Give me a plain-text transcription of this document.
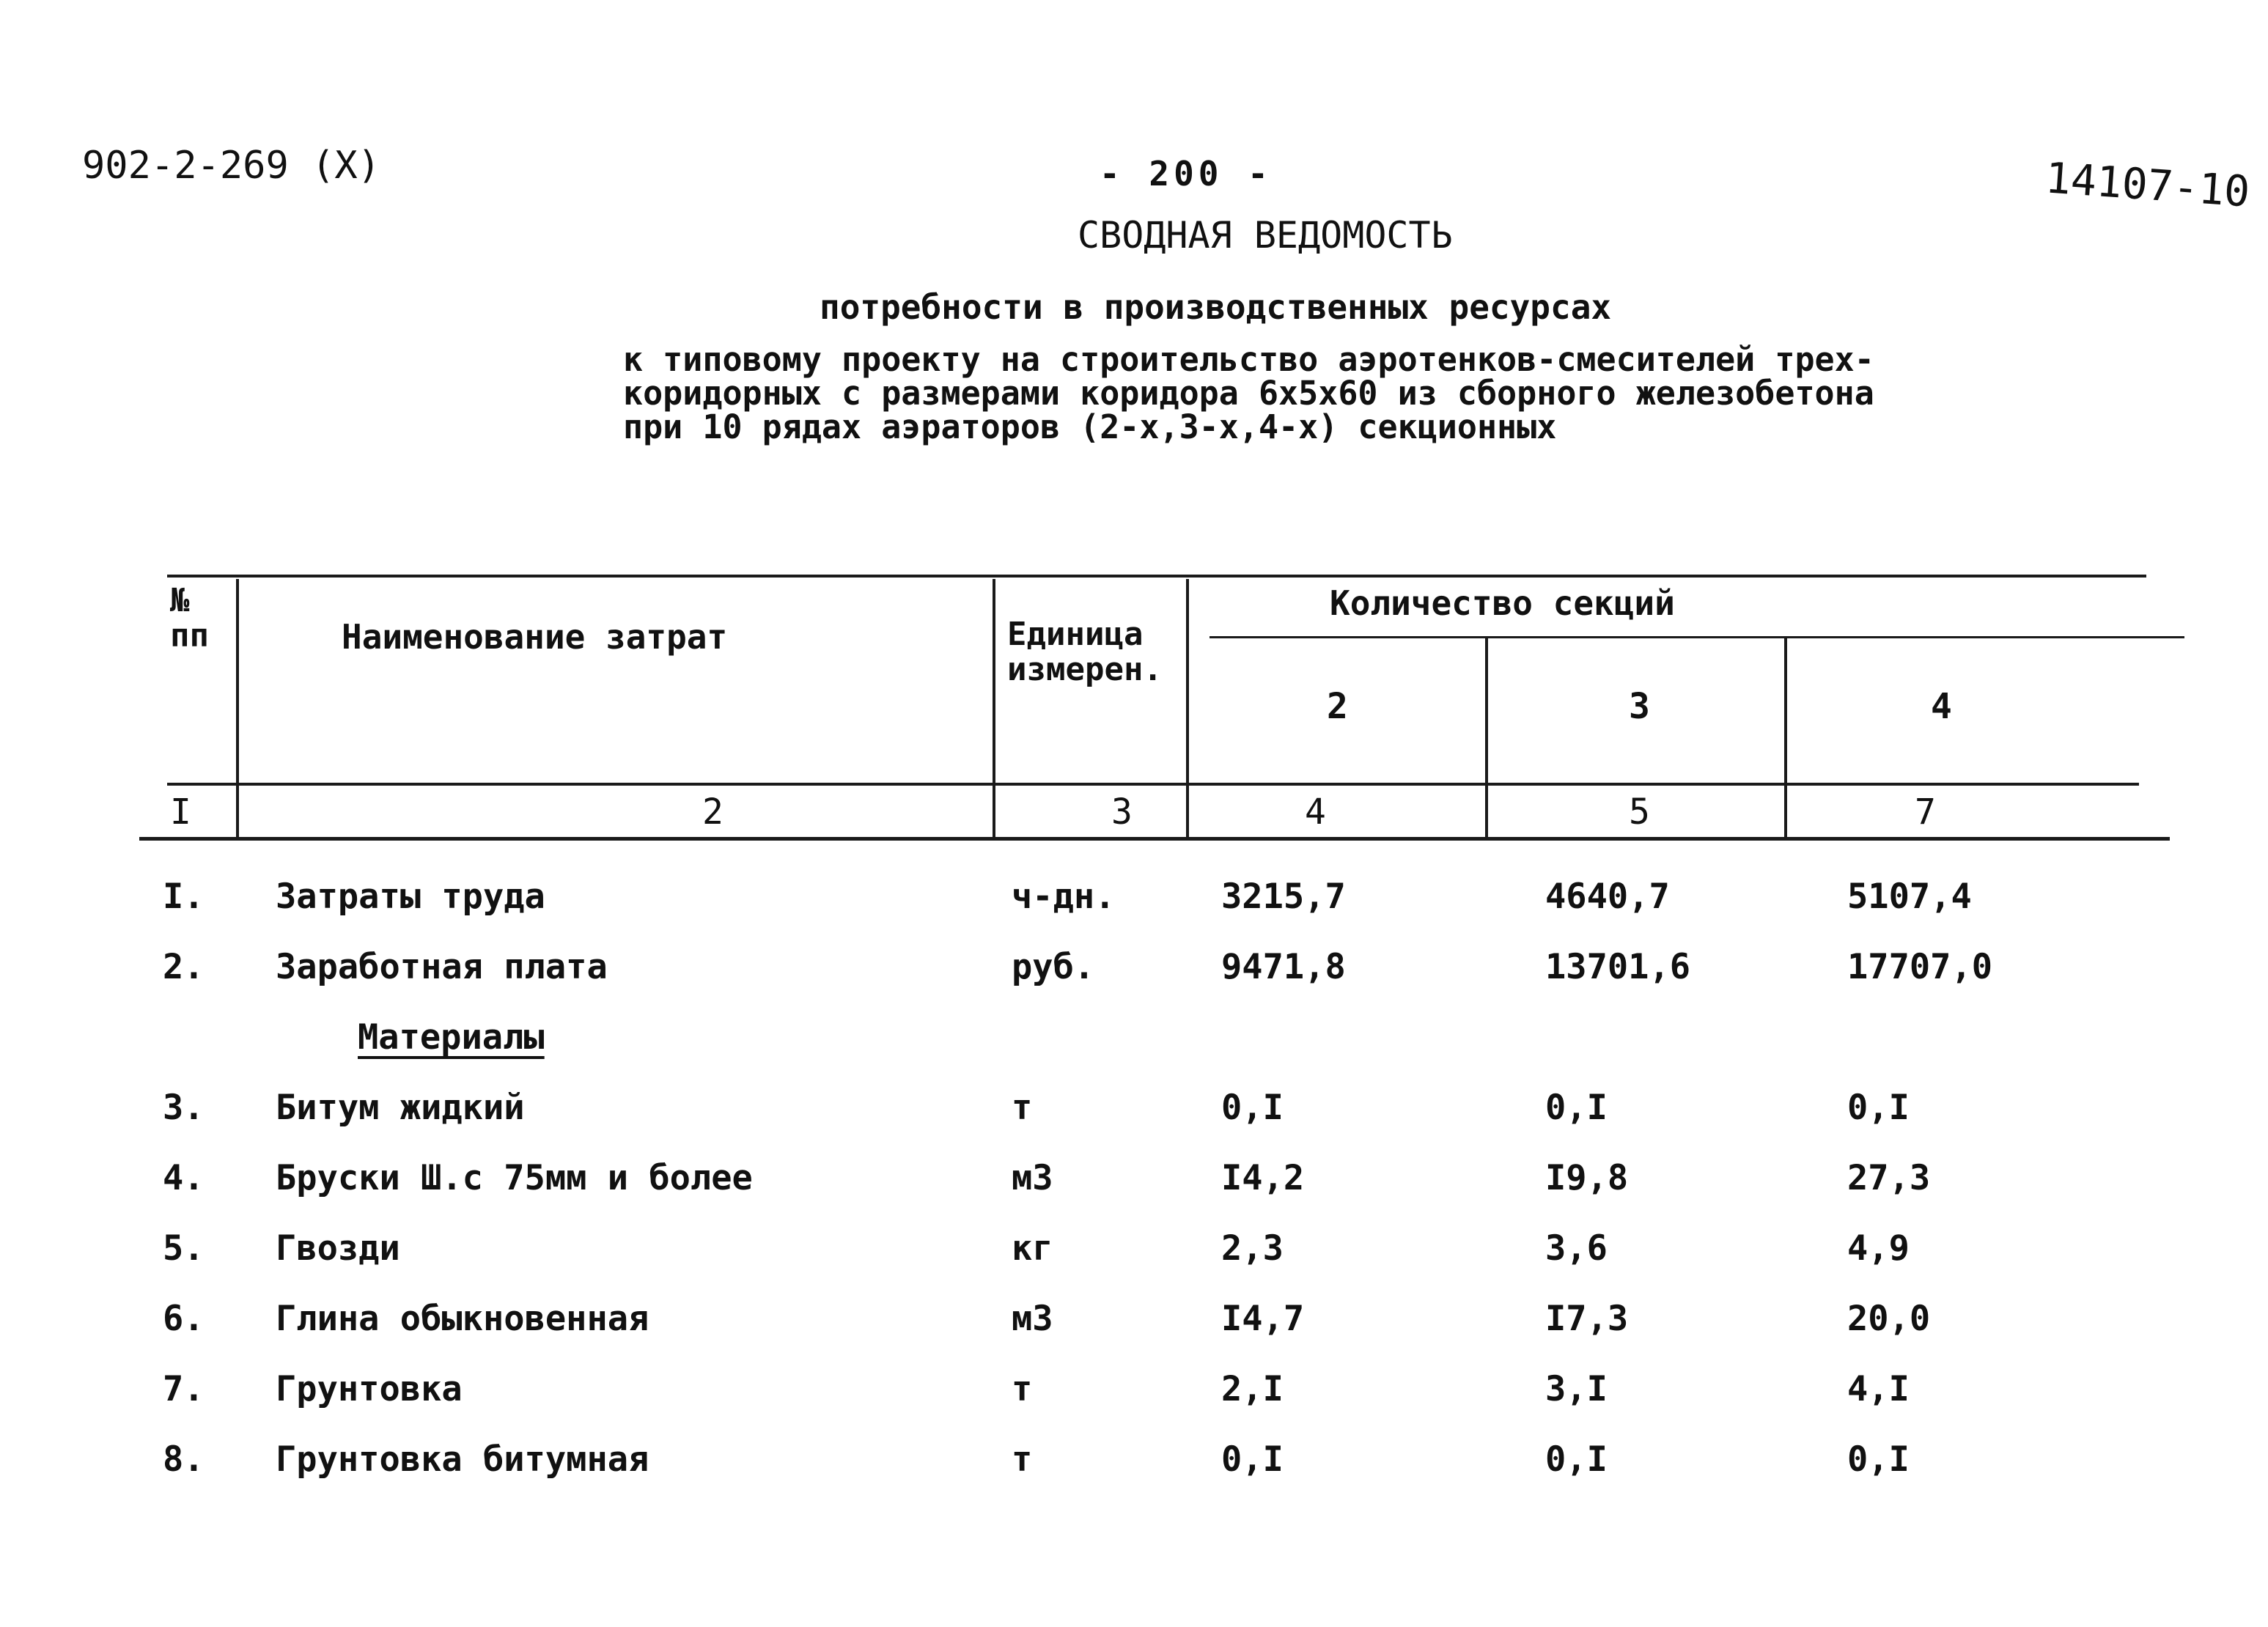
902-2-269 (X)	- 200 -	14107-10
СВОДНАЯ ВЕДОМОСТЬ
потребности в производственных ресурсах
к типовому проекту на строительство аэротенков-смесителей трех-
коридорных с размерами коридора 6х5х60 из сборного железобетона
при 10 рядах аэраторов (2-х,3-х,4-х) секционных
№ пп	Наименование затрат	Единица измерен.
Количество секций
2	3	4
I	2	3	4	5	7
I. Затраты труда	ч-дн.	3215,7	4640,7	5107,4
2. Заработная плата	руб.	9471,8	13701,6	17707,0
Материалы
3. Битум жидкий	т	0,I	0,I	0,I
4. Бруски Ш.с 75мм и более	м3	I4,2	I9,8	27,3
5. Гвозди	кг	2,3	3,6	4,9
6. Глина обыкновенная	м3	I4,7	I7,3	20,0
7. Грунтовка	т	2,I	3,I	4,I
8. Грунтовка битумная	т	0,I	0,I	0,I
